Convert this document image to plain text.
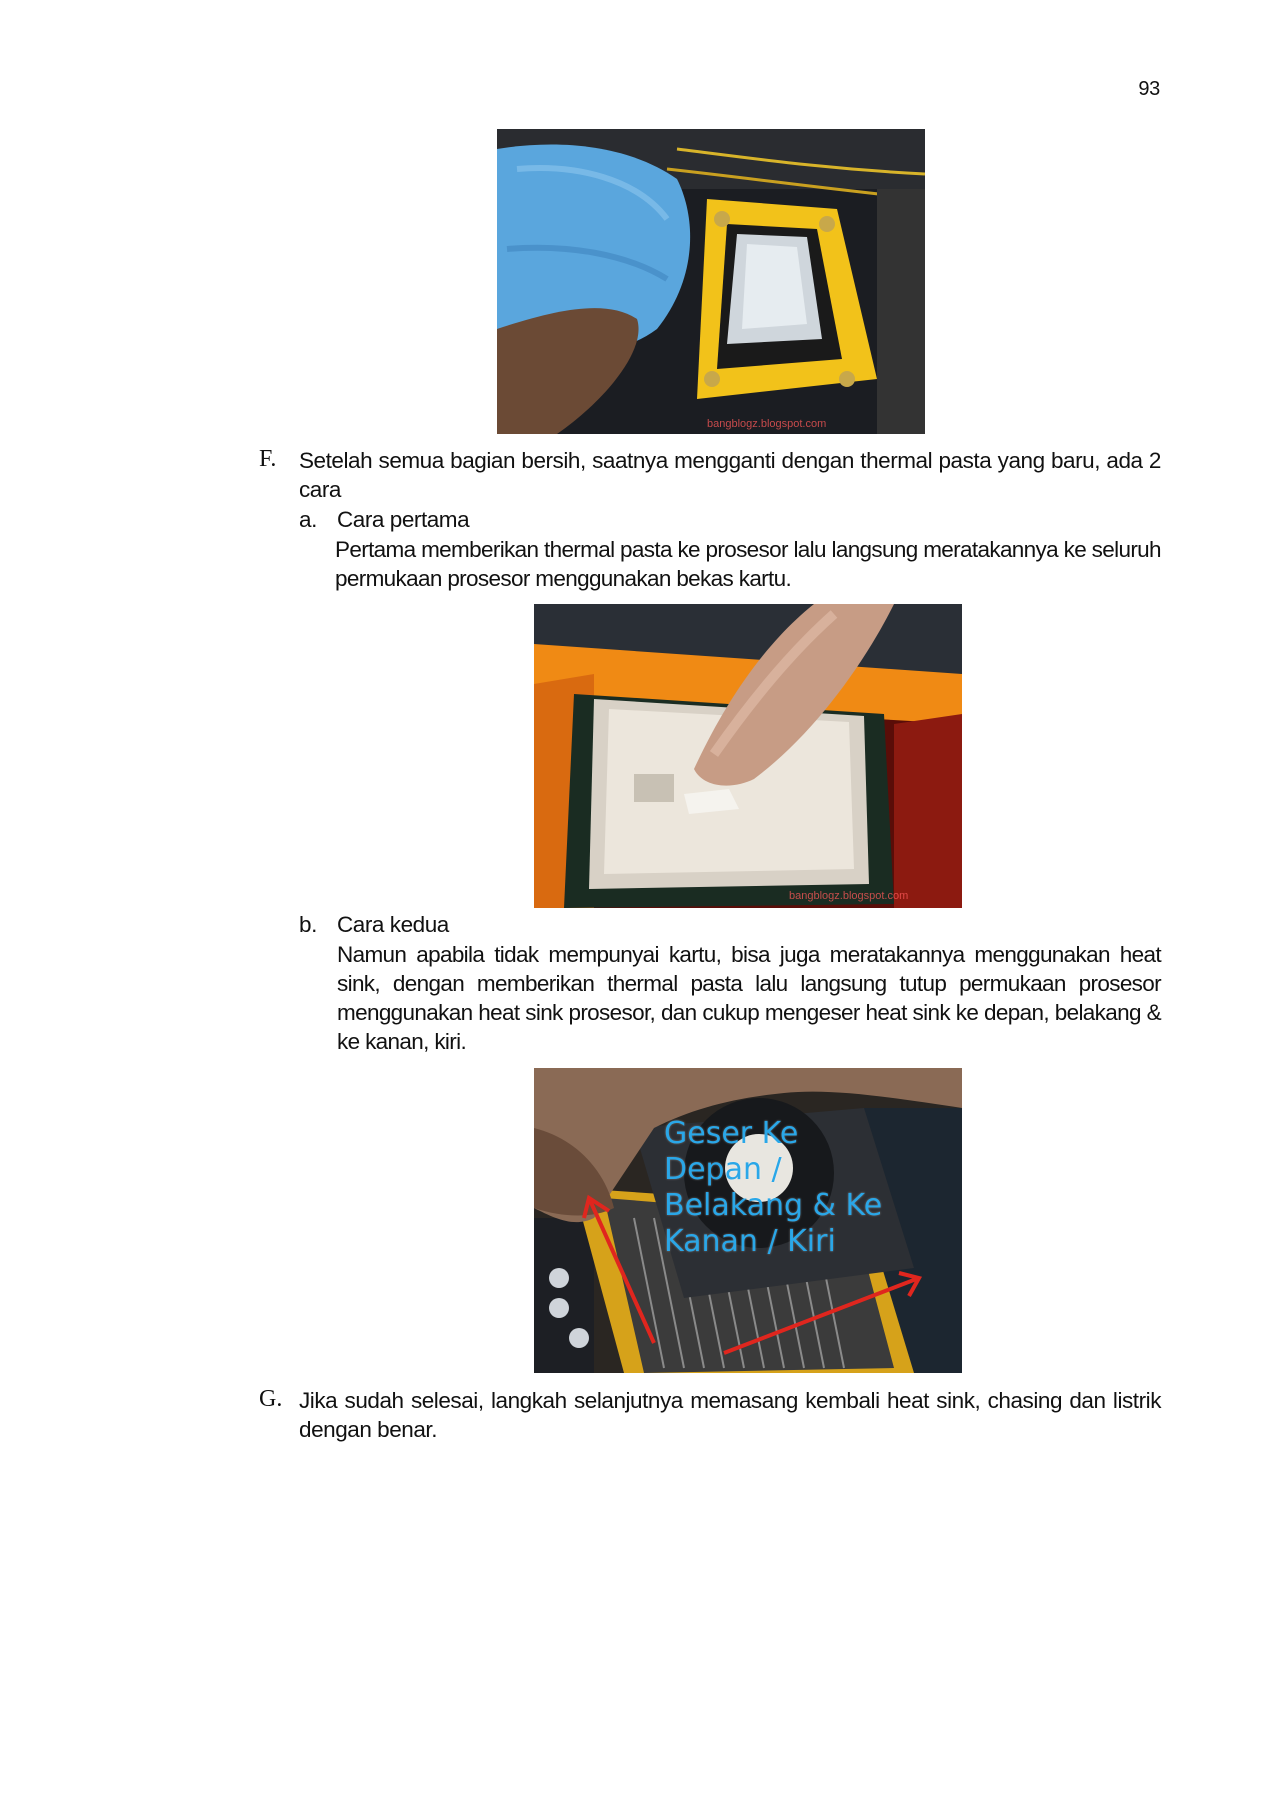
93
bangblogz.blogspot.com
F. Setelah semua bagian bersih, saatnya mengganti dengan thermal pasta yang baru, ada 2 cara
a. Cara pertama
Pertama memberikan thermal pasta ke prosesor lalu langsung meratakannya ke seluruh permukaan prosesor menggunakan bekas kartu.
bangblogz.blogspot.com
b. Cara kedua
Namun apabila tidak mempunyai kartu, bisa juga meratakannya menggunakan heat sink, dengan memberikan thermal pasta lalu langsung tutup permukaan prosesor menggunakan heat sink prosesor, dan cukup mengeser heat sink ke depan, belakang & ke kanan, kiri.
Geser Ke Depan / Belakang & Ke Kanan / Kiri
G. Jika sudah selesai, langkah selanjutnya memasang kembali heat sink, chasing dan listrik dengan benar.
